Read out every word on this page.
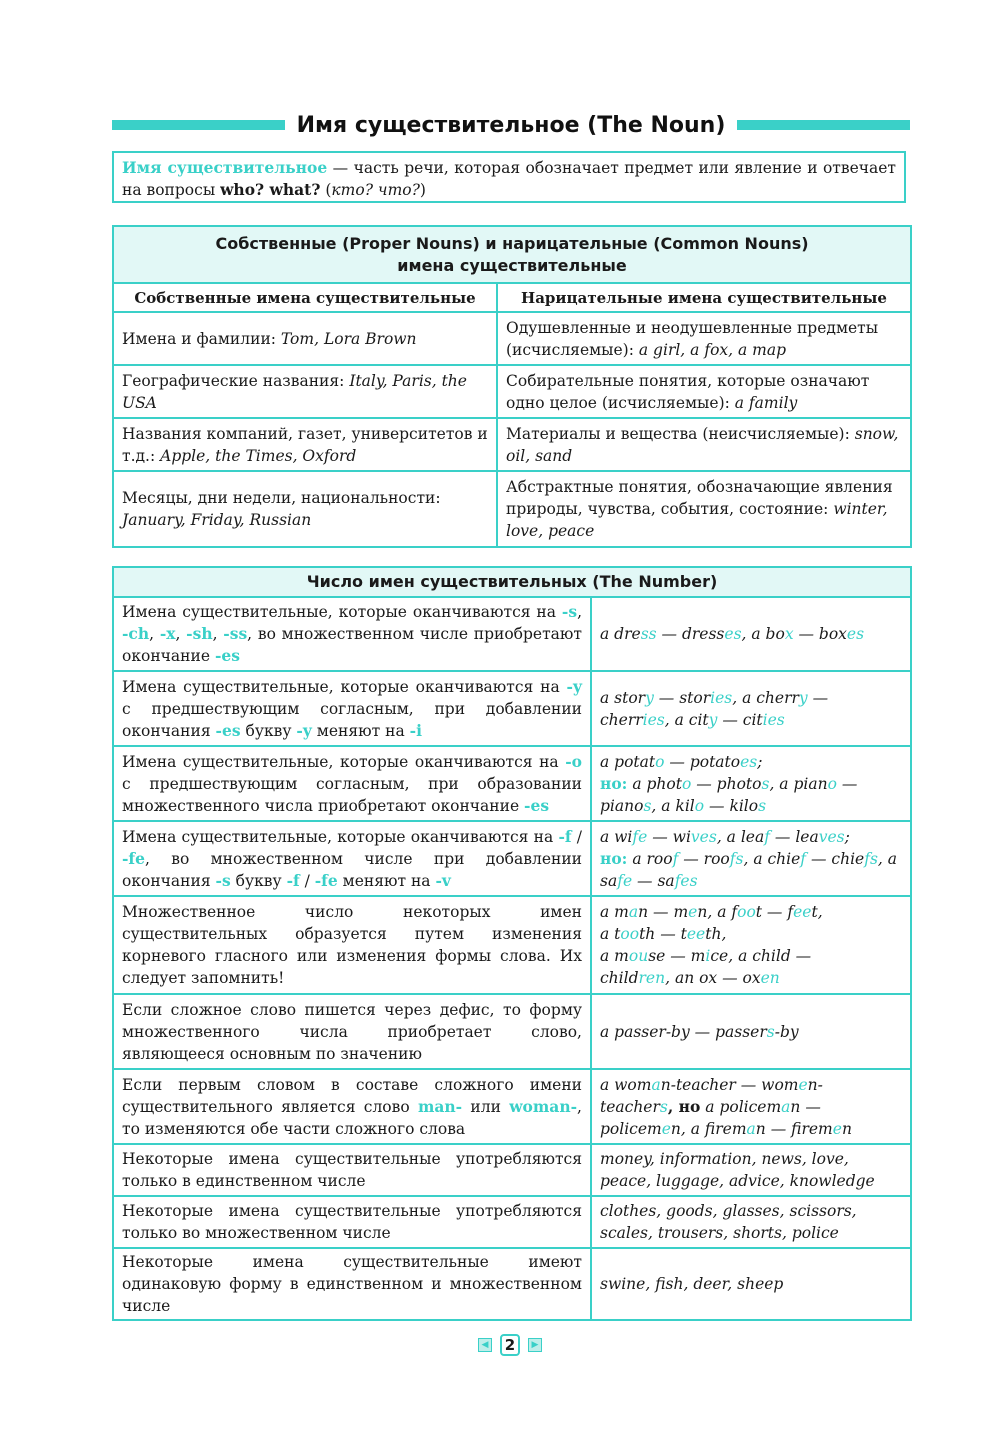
Имя существительное (The Noun)
Имя существительное — часть речи, которая обозначает предмет или явление и отвечает на вопросы who? what? (кто? что?)
Собственные (Proper Nouns) и нарицательные (Common Nouns)
имена существительные	

Собственные имена существительные	Нарицательные имена существительные
Имена и фамилии: Tom, Lora Brown	Одушевленные и неодушевленные предметы (исчисляемые): a girl, a fox, a map
Географические названия: Italy, Paris, the USA	Собирательные понятия, которые означают одно целое (исчисляемые): a family
Названия компаний, газет, университетов и т.д.: Apple, the Times, Oxford	Материалы и вещества (неисчисляемые): snow, oil, sand
Месяцы, дни недели, национальности: January, Friday, Russian	Абстрактные понятия, обозначающие явления природы, чувства, события, состояние: winter, love, peace
Число имен существительных (The Number)	
Имена существительные, которые оканчиваются на -s, -ch, -x, -sh, -ss, во множественном числе приобретают окончание -es	a dress — dresses, a box — boxes
Имена существительные, которые оканчиваются на -y с предшествующим согласным, при добавлении окончания -es букву -y меняют на -i	a story — stories, a cherry — cherries, a city — cities
Имена существительные, которые оканчиваются на -o с предшествующим согласным, при образовании множественного числа приобретают окончание -es	a potato — potatoes;
но: a photo — photos, a piano — pianos, a kilo — kilos
Имена существительные, которые оканчиваются на -f / -fe, во множественном числе при добавлении окончания -s букву -f / -fe меняют на -v	a wife — wives, a leaf — leaves;
но: a roof — roofs, a chief — chiefs, a safe — safes
Множественное число некоторых имен существительных образуется путем изменения корневого гласного или изменения формы слова. Их следует запомнить!	a man — men, a foot — feet,
a tooth — teeth,
a mouse — mice, a child —
children, an ox — oxen
Если сложное слово пишется через дефис, то форму множественного числа приобретает слово, являющееся основным по значению	a passer-by — passers-by
Если первым словом в составе сложного имени существительного является слово man- или woman-, то изменяются обе части сложного слова	a woman-teacher — women-
teachers, но a policeman —
policemen, a fireman — firemen
Некоторые имена существительные употребляются только в единственном числе	money, information, news, love, peace, luggage, advice, knowledge
Некоторые имена существительные употребляются только во множественном числе	clothes, goods, glasses, scissors, scales, trousers, shorts, police
Некоторые имена существительные имеют одинаковую форму в единственном и множественном числе	swine, fish, deer, sheep
◀	2	▶
